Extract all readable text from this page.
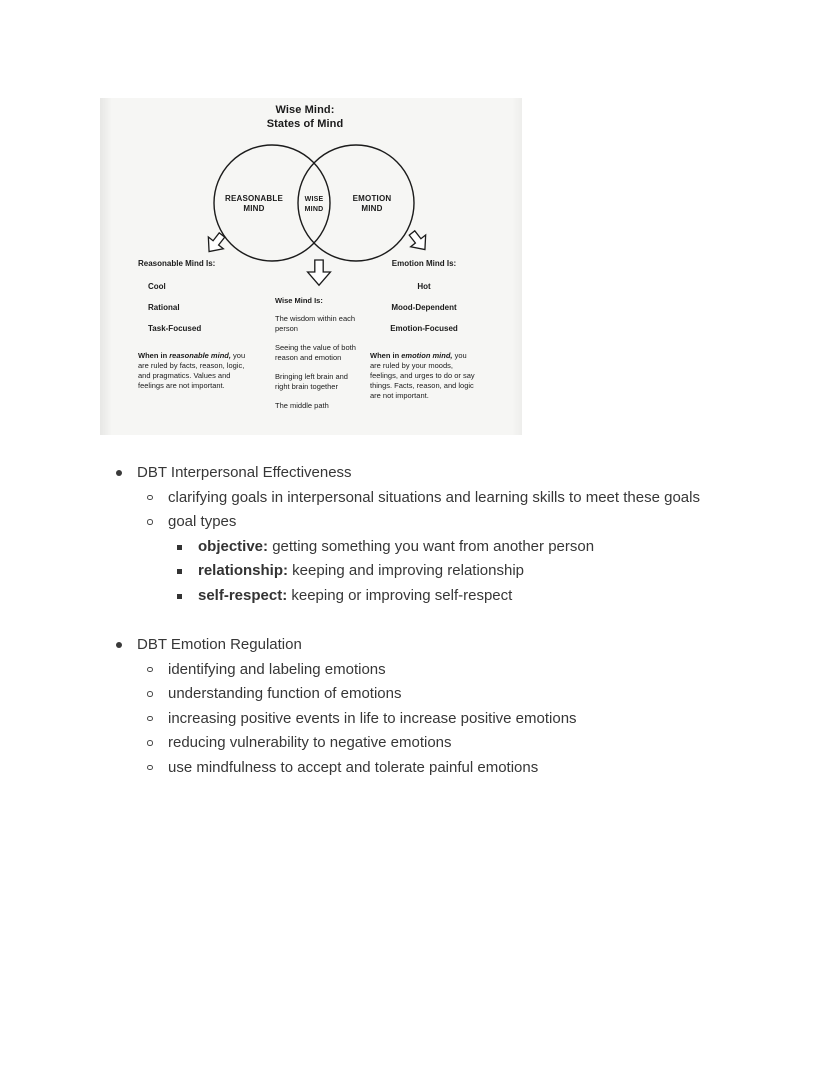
Wise Mind:
States of Mind
REASONABLE
MIND
WISE
MIND
EMOTION
MIND
Reasonable Mind Is:
Cool
Rational
Task-Focused

When in reasonable mind, you are ruled by facts, reason, logic, and pragmatics. Values and feelings are not important.

Wise Mind Is:
The wisdom within each person
Seeing the value of both reason and emotion
Bringing left brain and right brain together
The middle path
Emotion Mind Is:
Hot
Mood-Dependent
Emotion-Focused

When in emotion mind, you are ruled by your moods, feelings, and urges to do or say things. Facts, reason, and logic are not important.

DBT Interpersonal Effectiveness
clarifying goals in interpersonal situations and learning skills to meet these goals
goal types
objective: getting something you want from another person
relationship: keeping and improving relationship
self-respect: keeping or improving self-respect
DBT Emotion Regulation
identifying and labeling emotions
understanding function of emotions
increasing positive events in life to increase positive emotions
reducing vulnerability to negative emotions
use mindfulness to accept and tolerate painful emotions
